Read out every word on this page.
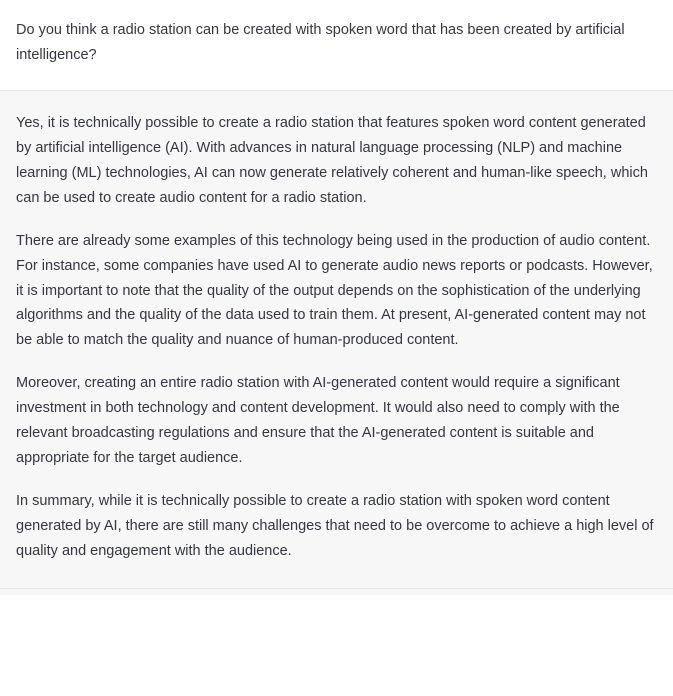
Do you think a radio station can be created with spoken word that has been created by artificial intelligence?

Yes, it is technically possible to create a radio station that features spoken word content generated by artificial intelligence (AI). With advances in natural language processing (NLP) and machine learning (ML) technologies, AI can now generate relatively coherent and human-like speech, which can be used to create audio content for a radio station.

There are already some examples of this technology being used in the production of audio content. For instance, some companies have used AI to generate audio news reports or podcasts. However, it is important to note that the quality of the output depends on the sophistication of the underlying algorithms and the quality of the data used to train them. At present, AI-generated content may not be able to match the quality and nuance of human-produced content.

Moreover, creating an entire radio station with AI-generated content would require a significant investment in both technology and content development. It would also need to comply with the relevant broadcasting regulations and ensure that the AI-generated content is suitable and appropriate for the target audience.

In summary, while it is technically possible to create a radio station with spoken word content generated by AI, there are still many challenges that need to be overcome to achieve a high level of quality and engagement with the audience.
